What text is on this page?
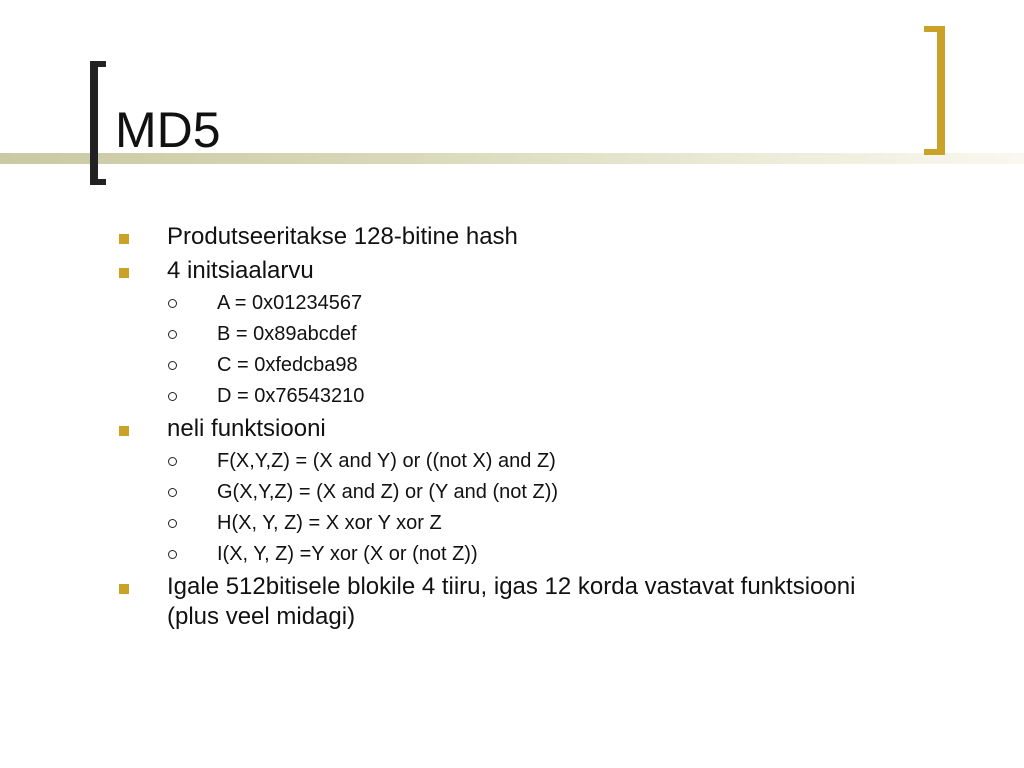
MD5
Produtseeritakse 128-bitine hash
4 initsiaalarvu
A = 0x01234567
B = 0x89abcdef
C = 0xfedcba98
D = 0x76543210
neli funktsiooni
F(X,Y,Z) = (X and Y) or ((not X) and Z)
G(X,Y,Z) = (X and Z) or (Y and (not Z))
H(X, Y, Z) = X xor Y xor Z
I(X, Y, Z) =Y xor (X or (not Z))
Igale 512bitisele blokile 4 tiiru, igas 12 korda vastavat funktsiooni (plus veel midagi)
